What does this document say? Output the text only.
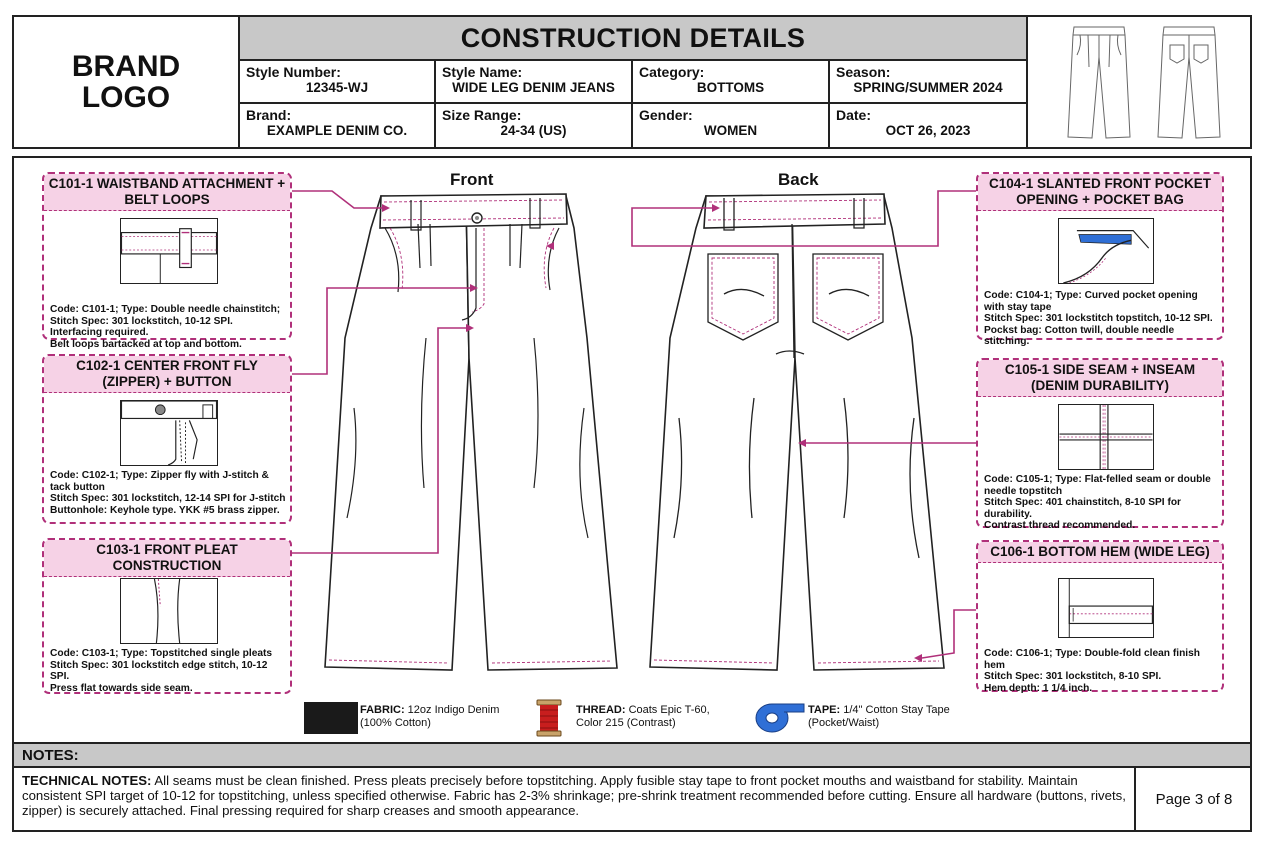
BRAND
LOGO
CONSTRUCTION DETAILS
Style Number:
12345-WJ
Style Name:
WIDE LEG DENIM JEANS
Category:
BOTTOMS
Season:
SPRING/SUMMER 2024
Brand:
EXAMPLE DENIM CO.
Size Range:
24-34 (US)
Gender:
WOMEN
Date:
OCT 26, 2023
Front	Back
C101-1 WAISTBAND ATTACHMENT + BELT LOOPS
Code: C101-1; Type: Double needle chainstitch;
Stitch Spec: 301 lockstitch, 10-12 SPI.
Interfacing required.
Belt loops bartacked at top and bottom.
C102-1 CENTER FRONT FLY (ZIPPER) + BUTTON
Code: C102-1; Type: Zipper fly with J-stitch & tack button
Stitch Spec: 301 lockstitch, 12-14 SPI for J-stitch
Buttonhole: Keyhole type. YKK #5 brass zipper.
C103-1 FRONT PLEAT CONSTRUCTION
Code: C103-1; Type: Topstitched single pleats
Stitch Spec: 301 lockstitch edge stitch, 10-12 SPI.
Press flat towards side seam.
C104-1 SLANTED FRONT POCKET OPENING + POCKET BAG
Code: C104-1; Type: Curved pocket opening with stay tape
Stitch Spec: 301 lockstitch topstitch, 10-12 SPI.
Pockst bag: Cotton twill, double needle stitching.
C105-1 SIDE SEAM + INSEAM (DENIM DURABILITY)
Code: C105-1; Type: Flat-felled seam or double needle topstitch
Stitch Spec: 401 chainstitch, 8-10 SPI for durability.
Contrast thread recommended.
C106-1 BOTTOM HEM (WIDE LEG)
Code: C106-1; Type: Double-fold clean finish hem
Stitch Spec: 301 lockstitch, 8-10 SPI.
Hem depth: 1 1/4 inch.
FABRIC: 12oz Indigo Denim
(100% Cotton)
THREAD: Coats Epic T-60,
Color 215 (Contrast)
TAPE: 1/4" Cotton Stay Tape
(Pocket/Waist)
NOTES:
TECHNICAL NOTES: All seams must be clean finished. Press pleats precisely before topstitching. Apply fusible stay tape to front pocket mouths and waistband for stability. Maintain consistent SPI target of 10-12 for topstitching, unless specified otherwise. Fabric has 2-3% shrinkage; pre-shrink treatment recommended before cutting. Ensure all hardware (buttons, rivets, zipper) is securely attached. Final pressing required for sharp creases and smooth appearance.
Page 3 of 8
